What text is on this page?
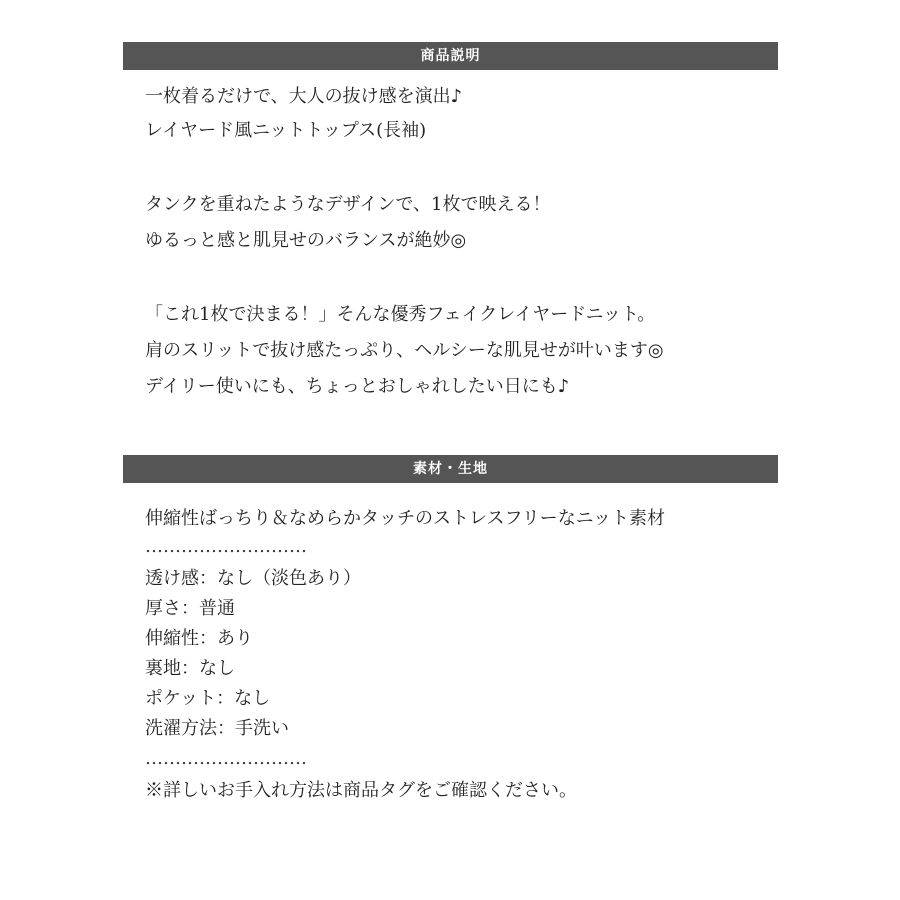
商品説明
一枚着るだけで、大人の抜け感を演出♪
レイヤード風ニットトップス(長袖)
タンクを重ねたようなデザインで、1枚で映える！
ゆるっと感と肌見せのバランスが絶妙◎
「これ1枚で決まる！」そんな優秀フェイクレイヤードニット。
肩のスリットで抜け感たっぷり、ヘルシーな肌見せが叶います◎
デイリー使いにも、ちょっとおしゃれしたい日にも♪
素材・生地
伸縮性ばっちり＆なめらかタッチのストレスフリーなニット素材
………………………
透け感：なし（淡色あり）
厚さ：普通
伸縮性：あり
裏地：なし
ポケット：なし
洗濯方法：手洗い
………………………
※詳しいお手入れ方法は商品タグをご確認ください。
